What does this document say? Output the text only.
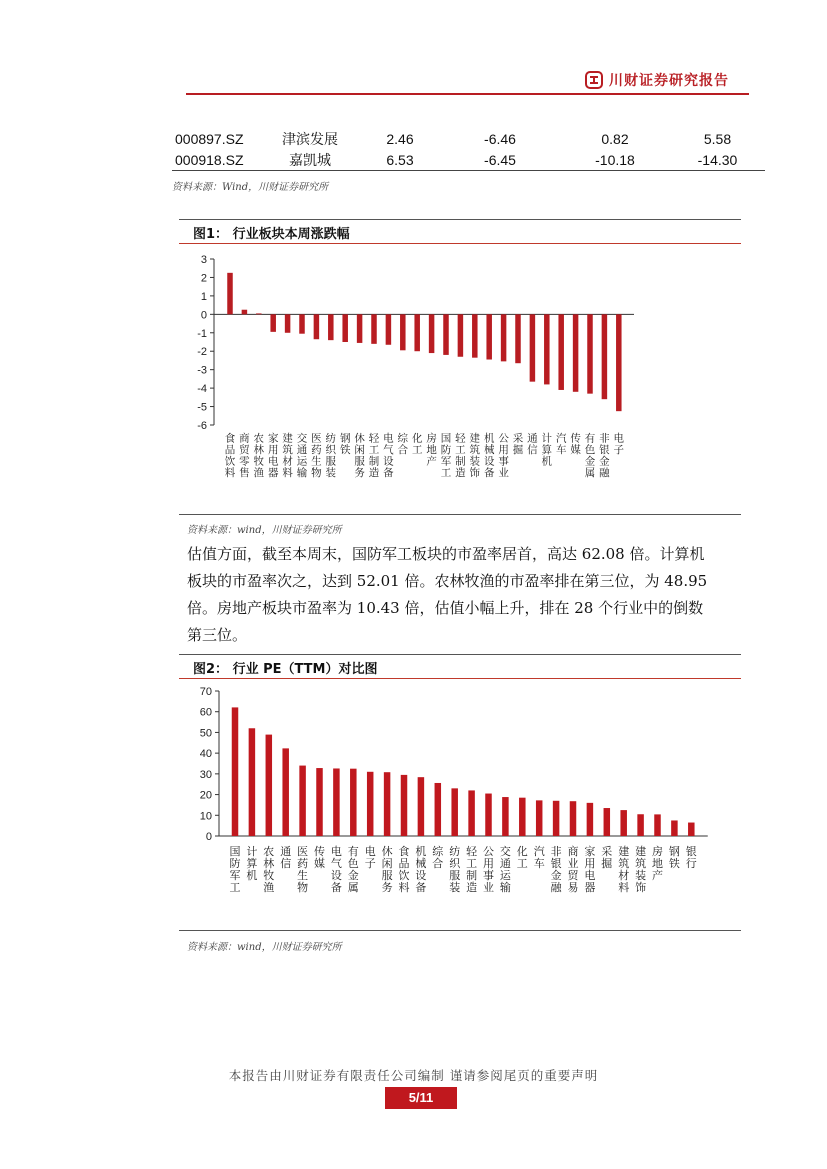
川财证券研究报告
000897.SZ	津滨发展	2.46	-6.46	0.82	5.58
000918.SZ	嘉凯城	6.53	-6.45	-10.18	-14.30
资料来源：Wind，川财证券研究所
图1： 行业板块本周涨跌幅
3
2
1
0
-1
-2
-3
-4
-5
-6
食品饮料
商贸零售
农林牧渔
家用电器
建筑材料
交通运输
医药生物
纺织服装
钢铁
休闲服务
轻工制造
电气设备
综合
化工
房地产
国防军工
轻工制造
建筑装饰
机械设备
公用事业
采掘
通信
计算机
汽车
传媒
有色金属
非银金融
电子
70
60
50
40
30
20
10
0
国防军工
计算机
农林牧渔
通信
医药生物
传媒
电气设备
有色金属
电子
休闲服务
食品饮料
机械设备
综合
纺织服装
轻工制造
公用事业
交通运输
化工
汽车
非银金融
商业贸易
家用电器
采掘
建筑材料
建筑装饰
房地产
钢铁
银行
资料来源：wind，川财证券研究所
估值方面，截至本周末，国防军工板块的市盈率居首，高达 62.08 倍。计算机
板块的市盈率次之，达到 52.01 倍。农林牧渔的市盈率排在第三位，为 48.95
倍。房地产板块市盈率为 10.43 倍，估值小幅上升，排在 28 个行业中的倒数
第三位。
图2： 行业 PE（TTM）对比图
资料来源：wind，川财证券研究所
本报告由川财证券有限责任公司编制 谨请参阅尾页的重要声明
5/11
